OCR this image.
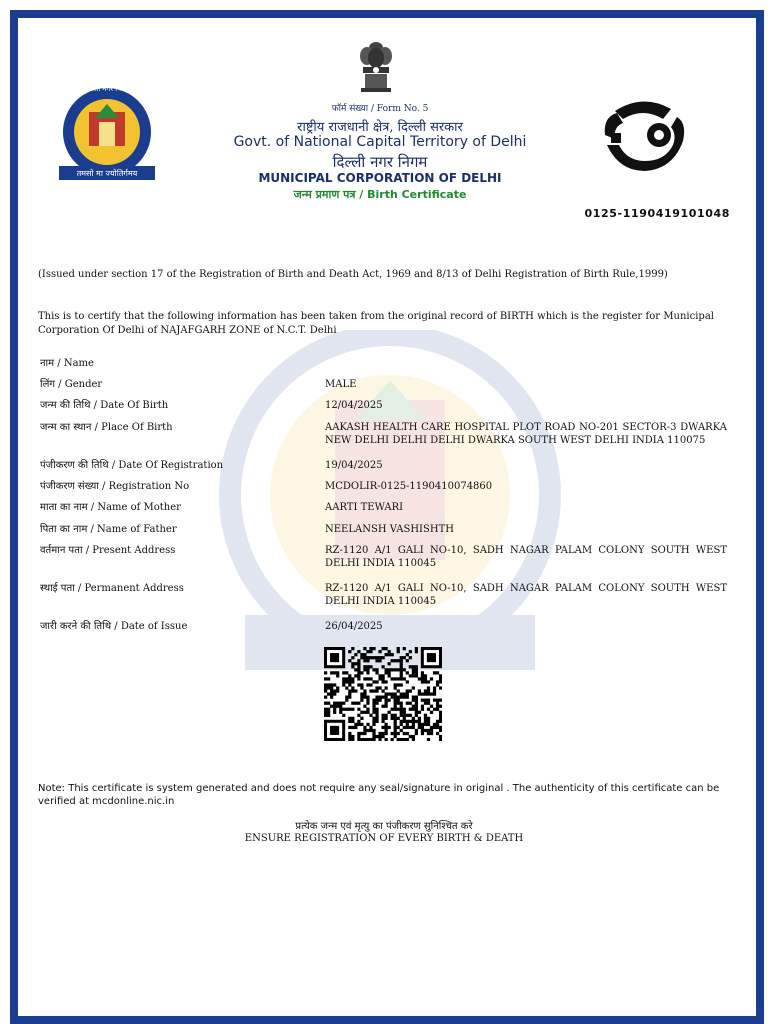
दिल्ली नगर निगम
तमसो मा ज्योतिर्गमय
फॉर्म संख्या / Form No. 5
राष्ट्रीय राजधानी क्षेत्र, दिल्ली सरकार
Govt. of National Capital Territory of Delhi
दिल्ली नगर निगम
MUNICIPAL CORPORATION OF DELHI
जन्म प्रमाण पत्र / Birth Certificate
0125-1190419101048
(Issued under section 17 of the Registration of Birth and Death Act, 1969 and 8/13 of Delhi Registration of Birth Rule,1999)
This is to certify that the following information has been taken from the original record of BIRTH which is the register for Municipal Corporation Of Delhi of NAJAFGARH ZONE of N.C.T. Delhi
नाम / Name
लिंग / Gender	MALE
जन्म की तिथि / Date Of Birth	12/04/2025
जन्म का स्थान / Place Of Birth	AAKASH HEALTH CARE HOSPITAL PLOT ROAD NO-201 SECTOR-3 DWARKA NEW DELHI DELHI DELHI DWARKA SOUTH WEST DELHI INDIA 110075
पंजीकरण की तिथि / Date Of Registration	19/04/2025
पंजीकरण संख्या / Registration No	MCDOLIR-0125-1190410074860
माता का नाम / Name of Mother	AARTI TEWARI
पिता का नाम / Name of Father	NEELANSH VASHISHTH
वर्तमान पता / Present Address	RZ-1120 A/1 GALI NO-10, SADH NAGAR PALAM COLONY SOUTH WEST DELHI INDIA 110045
स्थाई पता / Permanent Address	RZ-1120 A/1 GALI NO-10, SADH NAGAR PALAM COLONY SOUTH WEST DELHI INDIA 110045
जारी करने की तिथि / Date of Issue	26/04/2025
Note: This certificate is system generated and does not require any seal/signature in original . The authenticity of this certificate can be verified at mcdonline.nic.in
प्रत्येक जन्म एवं मृत्यु का पंजीकरण सुनिश्चित करे
ENSURE REGISTRATION OF EVERY BIRTH & DEATH
